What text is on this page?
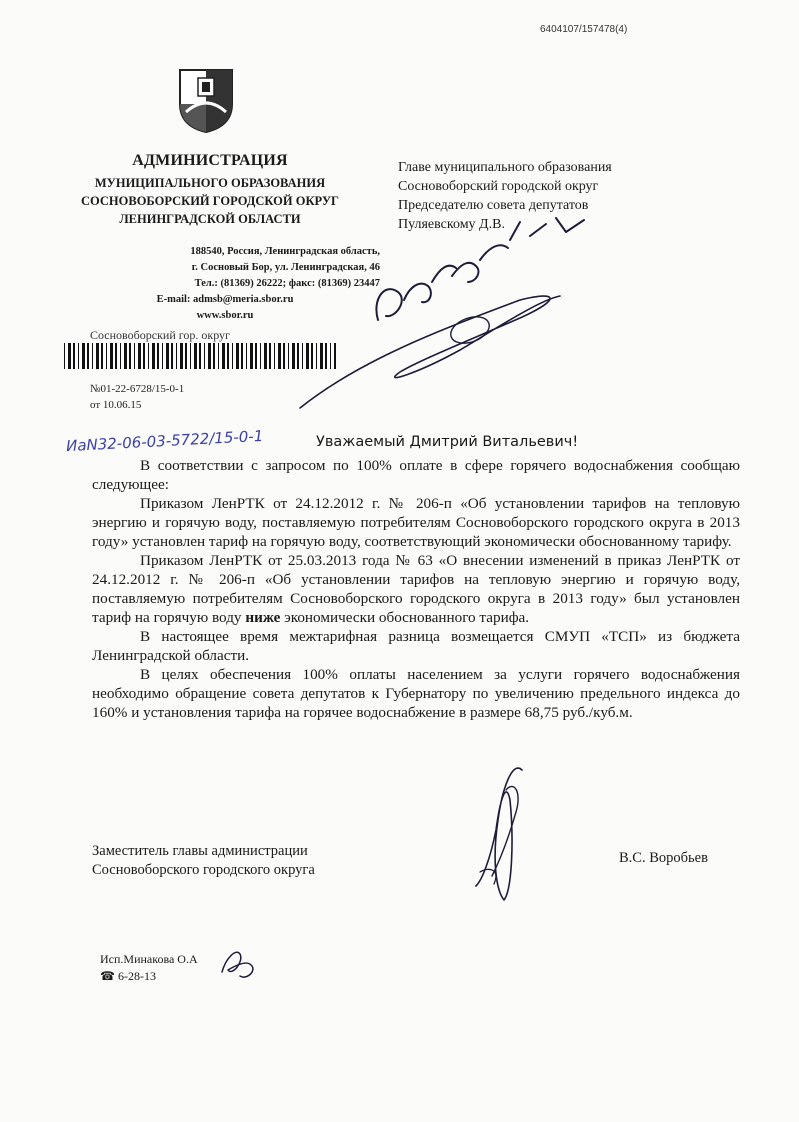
6404107/157478(4)
АДМИНИСТРАЦИЯ
МУНИЦИПАЛЬНОГО ОБРАЗОВАНИЯ
СОСНОВОБОРСКИЙ ГОРОДСКОЙ ОКРУГ
ЛЕНИНГРАДСКОЙ ОБЛАСТИ
188540, Россия, Ленинградская область,
г. Сосновый Бор, ул. Ленинградская, 46
Тел.: (81369) 26222; факс: (81369) 23447
E-mail: admsb@meria.sbor.ru
www.sbor.ru
Сосновоборский гор. округ
№01-22-6728/15-0-1
от 10.06.15
ИаN32-06-03-5722/15-0-1
Главе муниципального образования
Сосновоборский городской округ
Председателю совета депутатов
Пуляевскому Д.В.
Уважаемый Дмитрий Витальевич!

В соответствии с запросом по 100% оплате в сфере горячего водоснабжения сообщаю следующее:

Приказом ЛенРТК от 24.12.2012 г. № 206-п «Об установлении тарифов на тепловую энергию и горячую воду, поставляемую потребителям Сосновоборского городского округа в 2013 году» установлен тариф на горячую воду, соответствующий экономически обоснованному тарифу.

Приказом ЛенРТК от 25.03.2013 года № 63 «О внесении изменений в приказ ЛенРТК от 24.12.2012 г. № 206-п «Об установлении тарифов на тепловую энергию и горячую воду, поставляемую потребителям Сосновоборского городского округа в 2013 году» был установлен тариф на горячую воду ниже экономически обоснованного тарифа.

В настоящее время межтарифная разница возмещается СМУП «ТСП» из бюджета Ленинградской области.

В целях обеспечения 100% оплаты населением за услуги горячего водоснабжения необходимо обращение совета депутатов к Губернатору по увеличению предельного индекса до 160% и установления тарифа на горячее водоснабжение в размере 68,75 руб./куб.м.

Заместитель главы администрации
Сосновоборского городского округа
В.С. Воробьев
Исп.Минакова О.А
☎ 6-28-13
